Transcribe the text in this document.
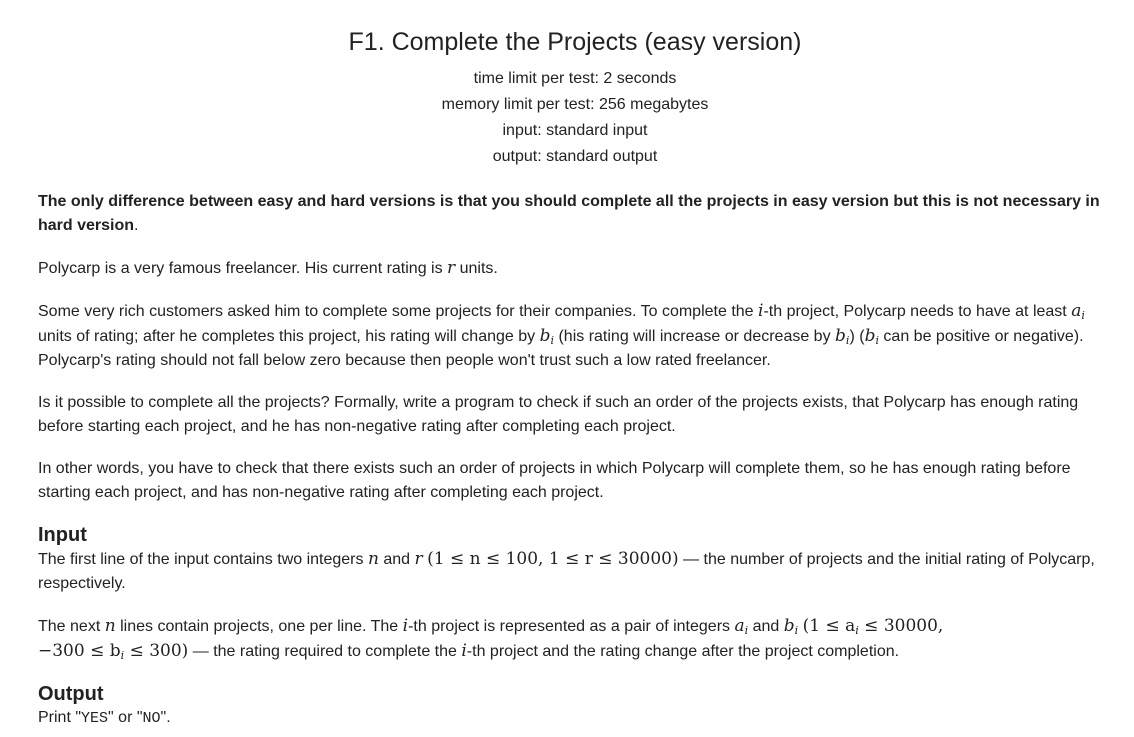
F1. Complete the Projects (easy version)
time limit per test: 2 seconds
memory limit per test: 256 megabytes
input: standard input
output: standard output

The only difference between easy and hard versions is that you should complete all the projects in easy version but this is not necessary in hard version.

Polycarp is a very famous freelancer. His current rating is r units.

Some very rich customers asked him to complete some projects for their companies. To complete the i-th project, Polycarp needs to have at least $a_i$ units of rating; after he completes this project, his rating will change by $b_i$ (his rating will increase or decrease by $b_i$) ($b_i$ can be positive or negative). Polycarp's rating should not fall below zero because then people won't trust such a low rated freelancer.

Is it possible to complete all the projects? Formally, write a program to check if such an order of the projects exists, that Polycarp has enough rating before starting each project, and he has non-negative rating after completing each project.

In other words, you have to check that there exists such an order of projects in which Polycarp will complete them, so he has enough rating before starting each project, and has non-negative rating after completing each project.

Input

The first line of the input contains two integers n and r (1 ≤ n ≤ 100, 1 ≤ r ≤ 30000) — the number of projects and the initial rating of Polycarp, respectively.

The next n lines contain projects, one per line. The i-th project is represented as a pair of integers $a_i$ and $b_i$ ($1 \le a_i \le 30000$,
$-300 \le b_i \le 300$) — the rating required to complete the i-th project and the rating change after the project completion.

Output

Print "YES" or "NO".
